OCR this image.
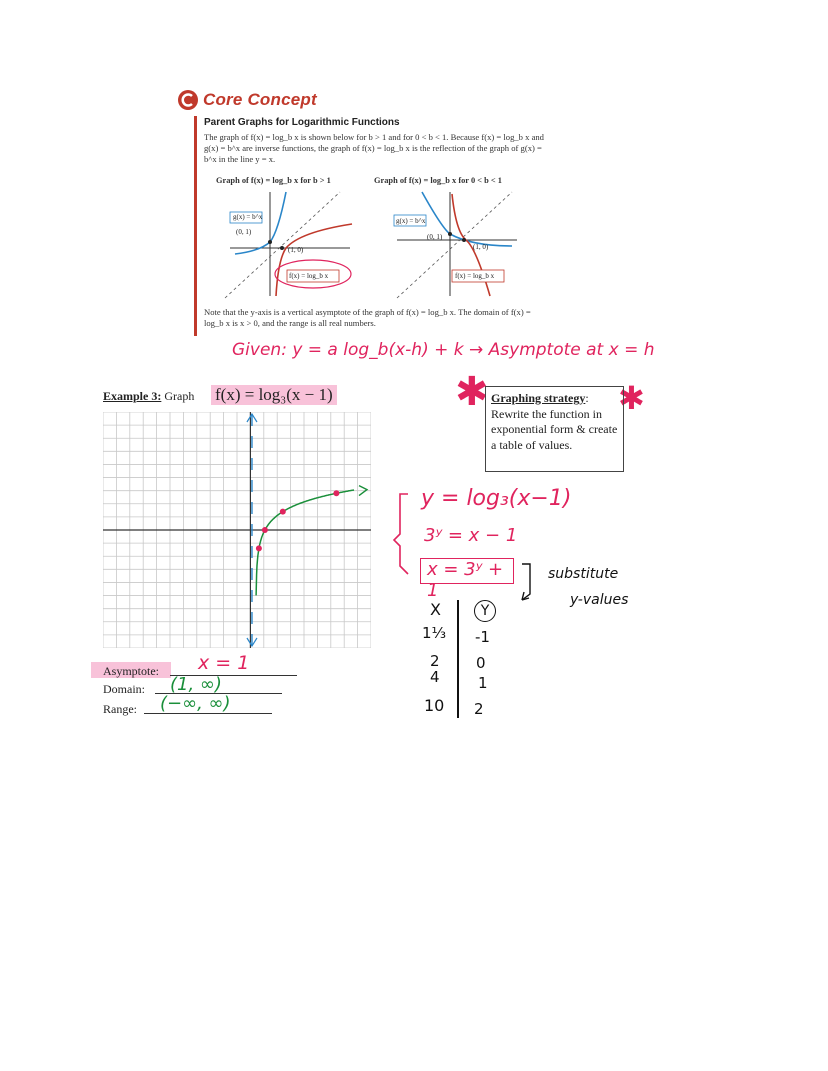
Core Concept
Parent Graphs for Logarithmic Functions
The graph of f(x) = log_b x is shown below for b > 1 and for 0 < b < 1. Because f(x) = log_b x and g(x) = b^x are inverse functions, the graph of f(x) = log_b x is the reflection of the graph of g(x) = b^x in the line y = x.
Graph of f(x) = log_b x for b > 1	Graph of f(x) = log_b x for 0 < b < 1
g(x) = b^x
(0, 1)
(1, 0)
f(x) = log_b x
g(x) = b^x
(0, 1)
(1, 0)
f(x) = log_b x
Note that the y-axis is a vertical asymptote of the graph of f(x) = log_b x. The domain of f(x) = log_b x is x > 0, and the range is all real numbers.
Given: y = a log_b(x-h) + k → Asymptote at x = h
Example 3: Graph f(x) = log₃(x − 1)	✱	✱
Graphing strategy:
Rewrite the function in exponential form & create a table of values.
Asymptote: x = 1
Domain: (1, ∞)
Range: (−∞, ∞)
y = log₃(x−1)
3ʸ = x − 1
x = 3ʸ + 1
substitute
y-values
X	Y
1⅓ -1
2 0
4	1
10 2
